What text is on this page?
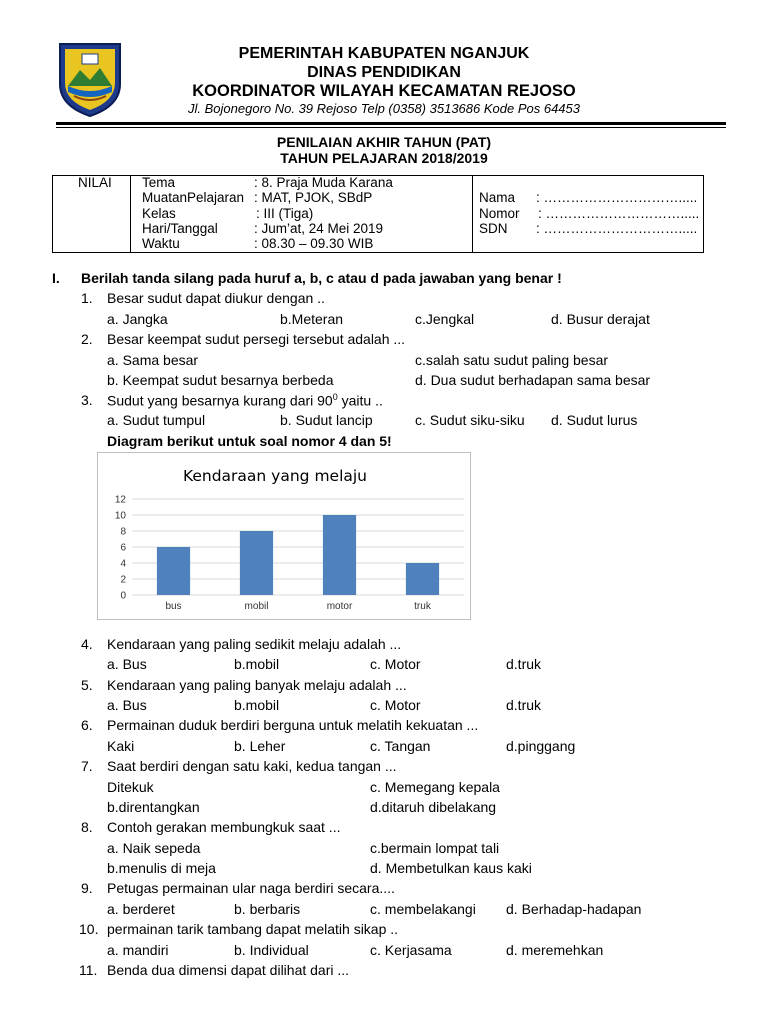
PEMERINTAH KABUPATEN NGANJUK
DINAS PENDIDIKAN
KOORDINATOR WILAYAH KECAMATAN REJOSO
Jl. Bojonegoro No. 39 Rejoso Telp (0358) 3513686 Kode Pos 64453
PENILAIAN AKHIR TAHUN (PAT)
TAHUN PELAJARAN 2018/2019
NILAI Tema	: 8. Praja Muda Karana
MuatanPelajaran : MAT, PJOK, SBdP
Kelas	: III (Tiga)
Hari/Tanggal	: Jum’at, 24 Mei 2019
Waktu	: 08.30 – 09.30 WIB
Nama : ………………………….....
Nomor : ………………………….....
SDN : ………………………….....
I. Berilah tanda silang pada huruf a, b, c atau d pada jawaban yang benar !
1. Besar sudut dapat diukur dengan ..
a. Jangka	b.Meteran	c.Jengkal	d. Busur derajat
2. Besar keempat sudut persegi tersebut adalah ...
a. Sama besar	c.salah satu sudut paling besar
b. Keempat sudut besarnya berbeda	d. Dua sudut berhadapan sama besar
3. Sudut yang besarnya kurang dari $90^0$ yaitu ..
a. Sudut tumpul	b. Sudut lancip	c. Sudut siku-siku d. Sudut lurus
Diagram berikut untuk soal nomor 4 dan 5!
Kendaraan yang melaju
0
2
4
6
8
10
12
bus	mobil	motor	truk
4. Kendaraan yang paling sedikit melaju adalah ...
a. Bus	b.mobil	c. Motor	d.truk
5. Kendaraan yang paling banyak melaju adalah ...
a. Bus	b.mobil	c. Motor	d.truk
6. Permainan duduk berdiri berguna untuk melatih kekuatan ...
Kaki	b. Leher	c. Tangan	d.pinggang
7. Saat berdiri dengan satu kaki, kedua tangan ...
Ditekuk	c. Memegang kepala
b.direntangkan	d.ditaruh dibelakang
8. Contoh gerakan membungkuk saat ...
a. Naik sepeda	c.bermain lompat tali
b.menulis di meja	d. Membetulkan kaus kaki
9. Petugas permainan ular naga berdiri secara....
a. berderet	b. berbaris	c. membelakangi d. Berhadap-hadapan
10. permainan tarik tambang dapat melatih sikap ..
a. mandiri	b. Individual	c. Kerjasama	d. meremehkan
11. Benda dua dimensi dapat dilihat dari ...
